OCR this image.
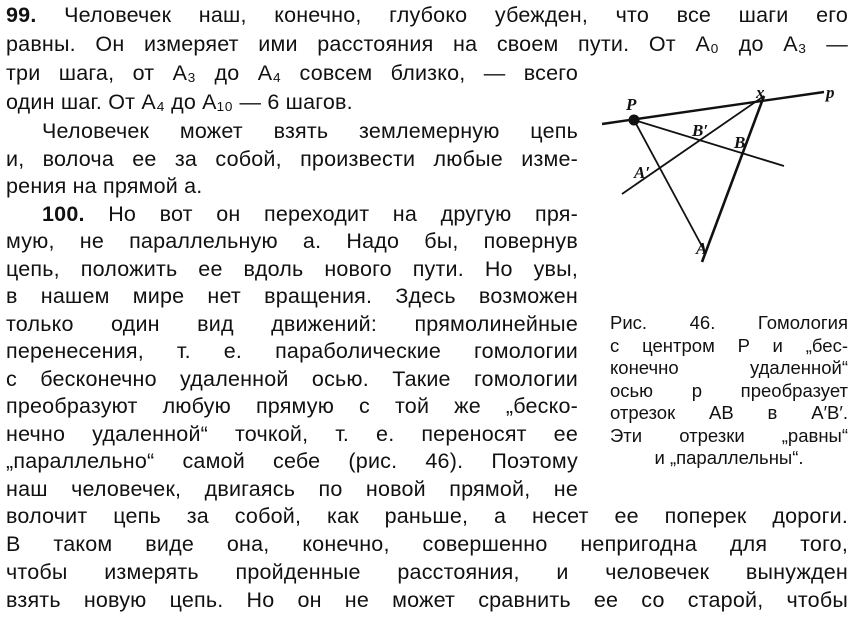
99. Человечек наш, конечно, глубоко убежден, что все шаги его
равны. Он измеряет ими расстояния на своем пути. От A₀ до A₃ —
три шага, от A₃ до A₄ совсем близко, — всего
один шаг. От A₄ до A₁₀ — 6 шагов.
Человечек может взять землемерную цепь
и, волоча ее за собой, произвести любые изме-
рения на прямой a.
100. Но вот он переходит на другую пря-
мую, не параллельную a. Надо бы, повернув
цепь, положить ее вдоль нового пути. Но увы,
в нашем мире нет вращения. Здесь возможен
только один вид движений: прямолинейные
перенесения, т. е. параболические гомологии
с бесконечно удаленной осью. Такие гомологии
преобразуют любую прямую с той же „беско-
нечно удаленной“ точкой, т. е. переносят ее
„параллельно“ самой себе (рис. 46). Поэтому
наш человечек, двигаясь по новой прямой, не
волочит цепь за собой, как раньше, а несет ее поперек дороги.
В таком виде она, конечно, совершенно непригодна для того,
чтобы измерять пройденные расстояния, и человечек вынужден
взять новую цепь. Но он не может сравнить ее со старой, чтобы
P
x	p
B′
B
A′
A
Рис. 46. Гомология
с центром P и „бес-
конечно удаленной“
осью p преобразует
отрезок AB в A′B′.
Эти отрезки „равны“
и „параллельны“.
